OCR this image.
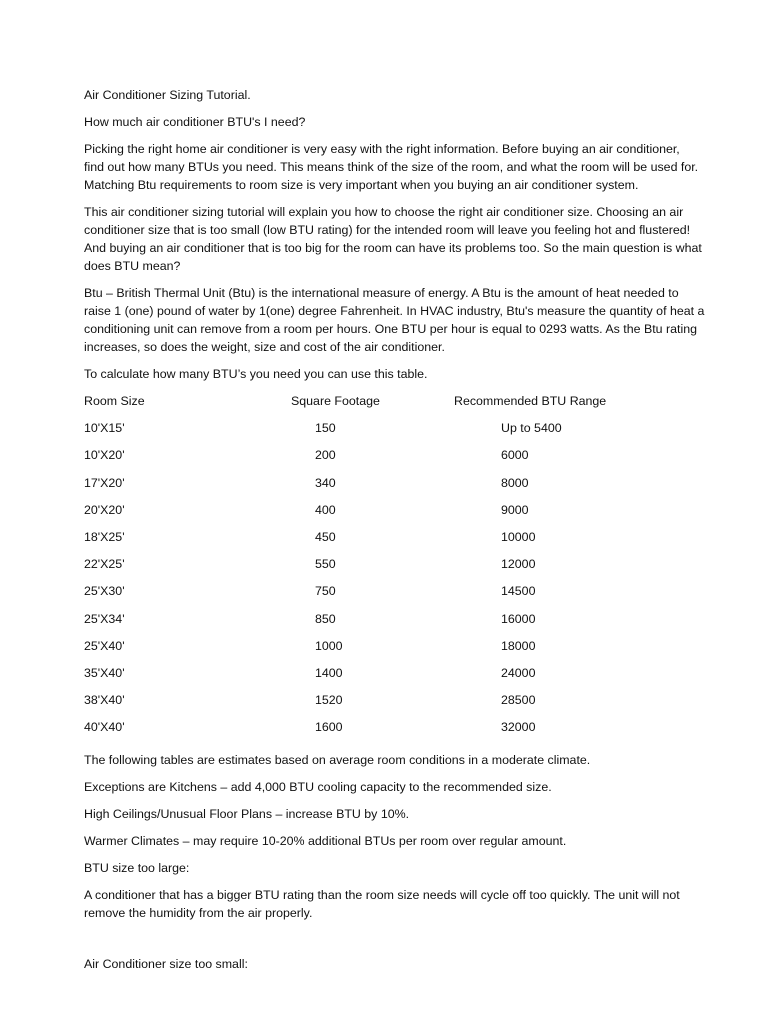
Air Conditioner Sizing Tutorial.

How much air conditioner BTU's I need?

Picking the right home air conditioner is very easy with the right information. Before buying an air conditioner,

find out how many BTUs you need. This means think of the size of the room, and what the room will be used for.

Matching Btu requirements to room size is very important when you buying an air conditioner system.

This air conditioner sizing tutorial will explain you how to choose the right air conditioner size. Choosing an air

conditioner size that is too small (low BTU rating) for the intended room will leave you feeling hot and flustered!

And buying an air conditioner that is too big for the room can have its problems too. So the main question is what

does BTU mean?

Btu – British Thermal Unit (Btu) is the international measure of energy. A Btu is the amount of heat needed to

raise 1 (one) pound of water by 1(one) degree Fahrenheit. In HVAC industry, Btu's measure the quantity of heat a

conditioning unit can remove from a room per hours. One BTU per hour is equal to 0293 watts. As the Btu rating

increases, so does the weight, size and cost of the air conditioner.

To calculate how many BTU’s you need you can use this table.

Room Size	Square Footage	Recommended BTU Range
10'X15'	150	Up to 5400
10'X20'	200	6000
17'X20'	340	8000
20'X20'	400	9000
18'X25'	450	10000
22'X25'	550	12000
25'X30'	750	14500
25'X34'	850	16000
25'X40'	1000	18000
35'X40'	1400	24000
38'X40'	1520	28500
40'X40'	1600	32000

The following tables are estimates based on average room conditions in a moderate climate.

Exceptions are Kitchens – add 4,000 BTU cooling capacity to the recommended size.

High Ceilings/Unusual Floor Plans – increase BTU by 10%.

Warmer Climates – may require 10-20% additional BTUs per room over regular amount.

BTU size too large:

A conditioner that has a bigger BTU rating than the room size needs will cycle off too quickly. The unit will not

remove the humidity from the air properly.

Air Conditioner size too small:
